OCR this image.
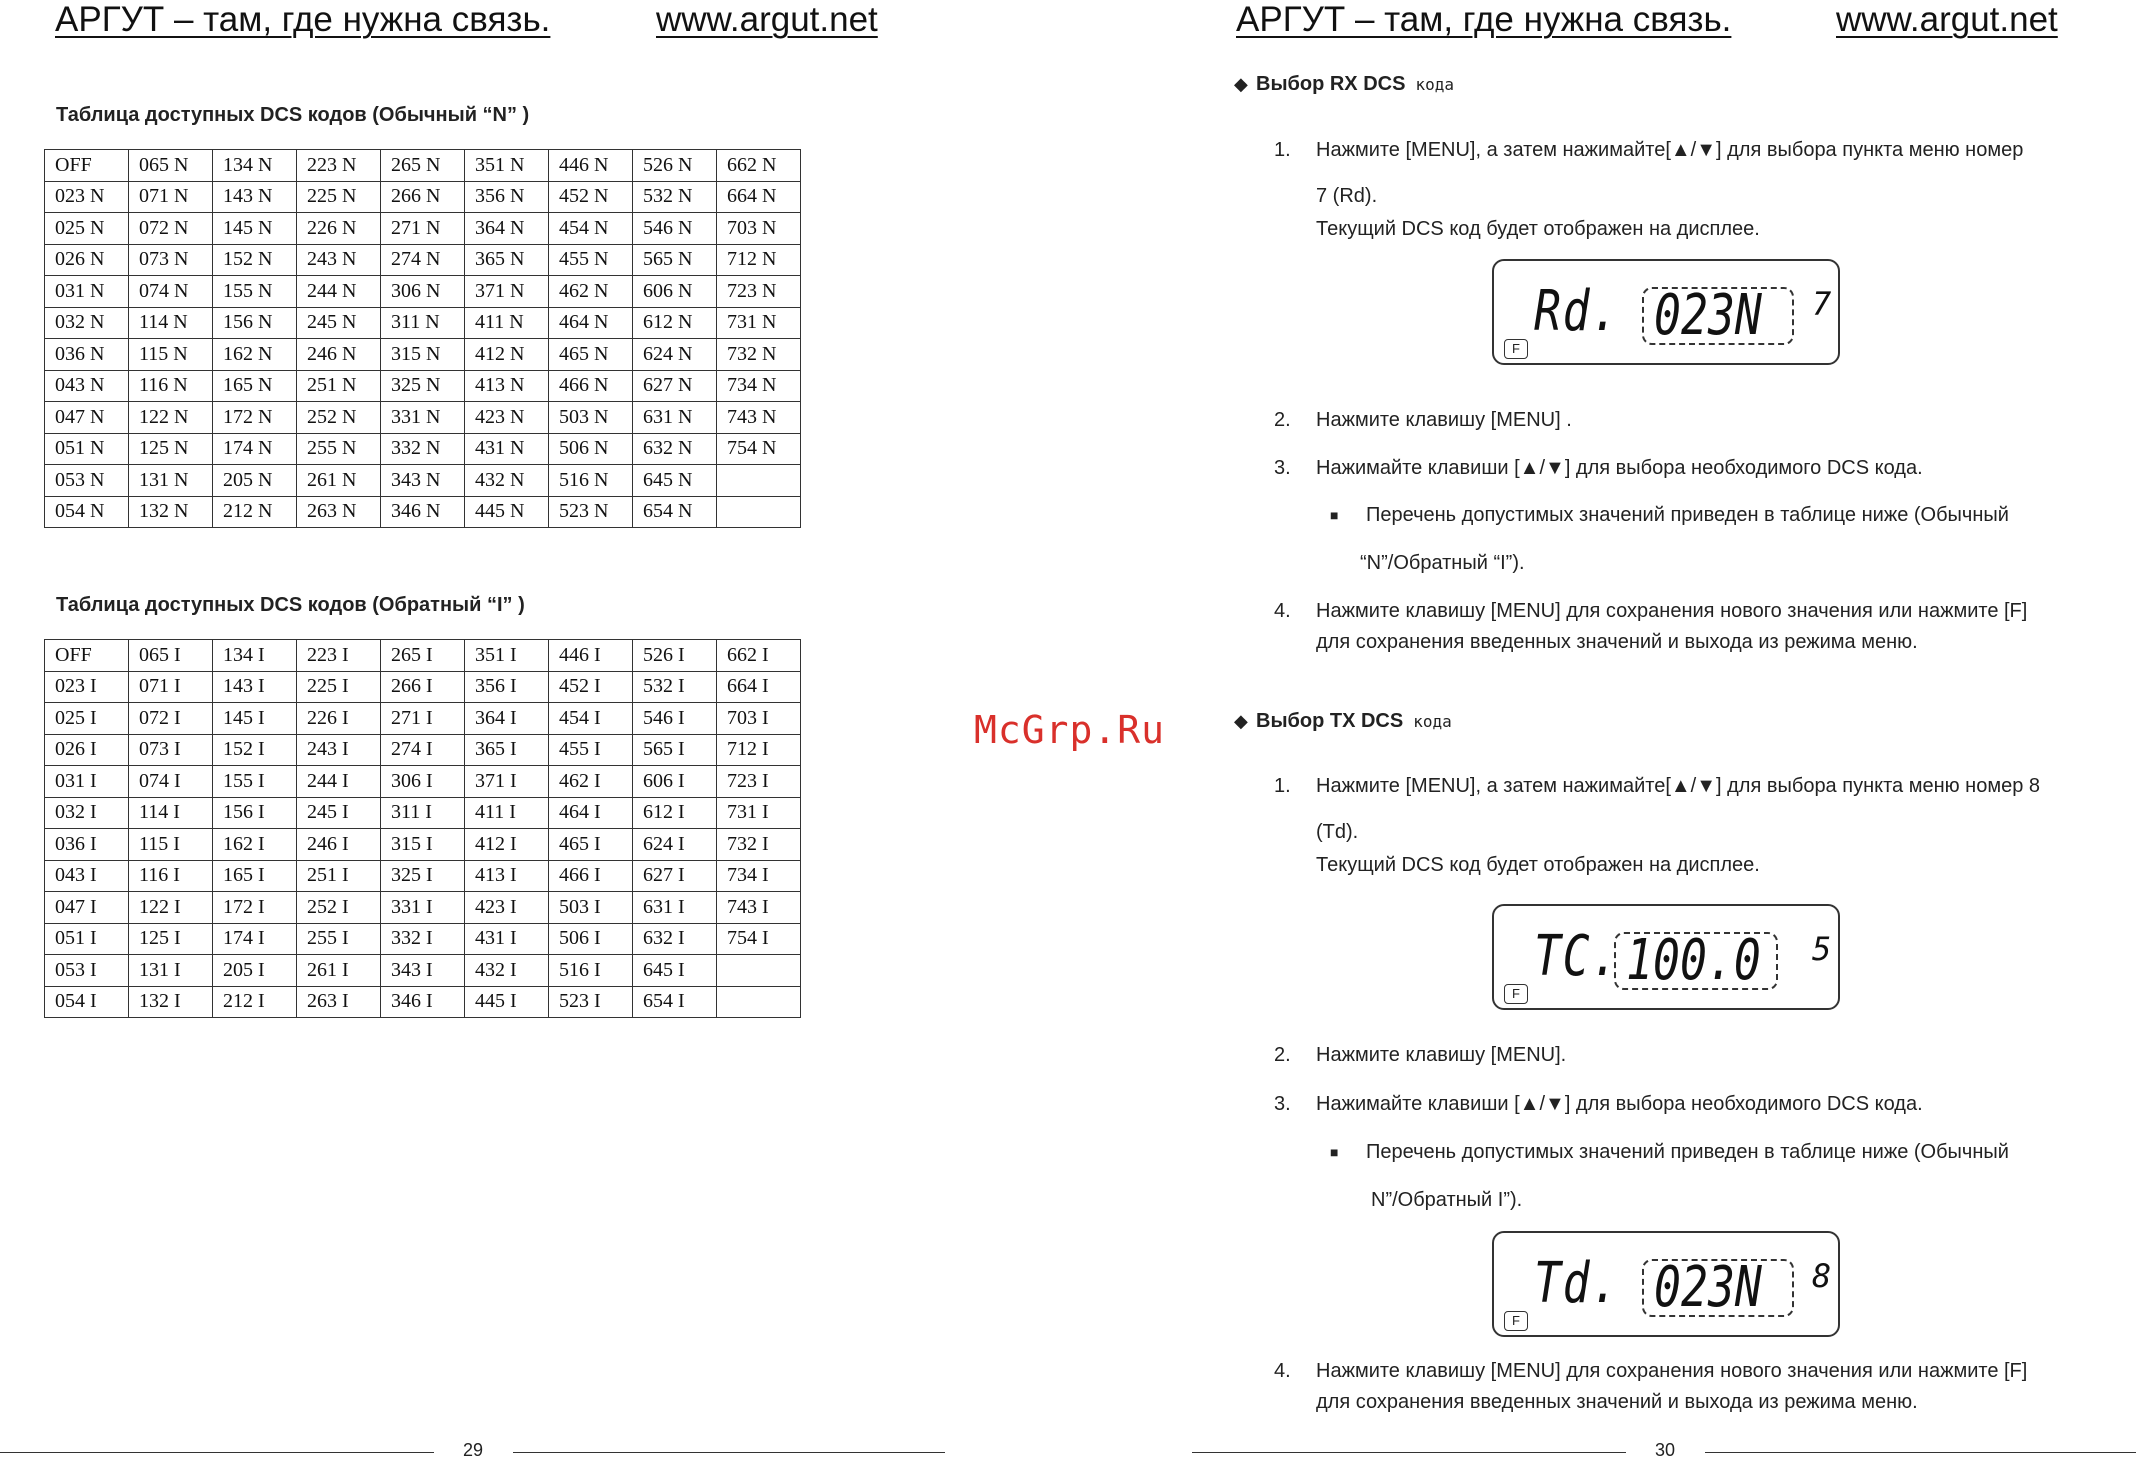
АРГУТ – там, где нужна связь.	www.argut.net
Таблица доступных DCS кодов (Обычный “N” )
OFF	065 N	134 N	223 N	265 N	351 N	446 N	526 N	662 N
023 N	071 N	143 N	225 N	266 N	356 N	452 N	532 N	664 N
025 N	072 N	145 N	226 N	271 N	364 N	454 N	546 N	703 N
026 N	073 N	152 N	243 N	274 N	365 N	455 N	565 N	712 N
031 N	074 N	155 N	244 N	306 N	371 N	462 N	606 N	723 N
032 N	114 N	156 N	245 N	311 N	411 N	464 N	612 N	731 N
036 N	115 N	162 N	246 N	315 N	412 N	465 N	624 N	732 N
043 N	116 N	165 N	251 N	325 N	413 N	466 N	627 N	734 N
047 N	122 N	172 N	252 N	331 N	423 N	503 N	631 N	743 N
051 N	125 N	174 N	255 N	332 N	431 N	506 N	632 N	754 N
053 N	131 N	205 N	261 N	343 N	432 N	516 N	645 N	
054 N	132 N	212 N	263 N	346 N	445 N	523 N	654 N	
Таблица доступных DCS кодов (Обратный “I” )
OFF	065 I	134 I	223 I	265 I	351 I	446 I	526 I	662 I
023 I	071 I	143 I	225 I	266 I	356 I	452 I	532 I	664 I
025 I	072 I	145 I	226 I	271 I	364 I	454 I	546 I	703 I
026 I	073 I	152 I	243 I	274 I	365 I	455 I	565 I	712 I
031 I	074 I	155 I	244 I	306 I	371 I	462 I	606 I	723 I
032 I	114 I	156 I	245 I	311 I	411 I	464 I	612 I	731 I
036 I	115 I	162 I	246 I	315 I	412 I	465 I	624 I	732 I
043 I	116 I	165 I	251 I	325 I	413 I	466 I	627 I	734 I
047 I	122 I	172 I	252 I	331 I	423 I	503 I	631 I	743 I
051 I	125 I	174 I	255 I	332 I	431 I	506 I	632 I	754 I
053 I	131 I	205 I	261 I	343 I	432 I	516 I	645 I	
054 I	132 I	212 I	263 I	346 I	445 I	523 I	654 I	
29
McGrp.Ru
АРГУТ – там, где нужна связь.	www.argut.net
◆ Выбор RX DCS кода
1. Нажмите [MENU], а затем нажимайте[▲/▼] для выбора пункта меню номер
7 (Rd).
Текущий DCS код будет отображен на дисплее.
Rd. 023N 7
F
2. Нажмите клавишу [MENU] .
3. Нажимайте клавиши [▲/▼] для выбора необходимого DCS кода.
■ Перечень допустимых значений приведен в таблице ниже (Обычный
“N”/Обратный “I”).
4. Нажмите клавишу [MENU] для сохранения нового значения или нажмите [F]
для сохранения введенных значений и выхода из режима меню.
◆ Выбор TX DCS кода
1. Нажмите [MENU], а затем нажимайте[▲/▼] для выбора пункта меню номер 8
(Td).
Текущий DCS код будет отображен на дисплее.
TC. 100.0 5
F
2. Нажмите клавишу [MENU].
3. Нажимайте клавиши [▲/▼] для выбора необходимого DCS кода.
■ Перечень допустимых значений приведен в таблице ниже (Обычный
N”/Обратный I”).
Td. 023N 8
F
4. Нажмите клавишу [MENU] для сохранения нового значения или нажмите [F]
для сохранения введенных значений и выхода из режима меню.
30
